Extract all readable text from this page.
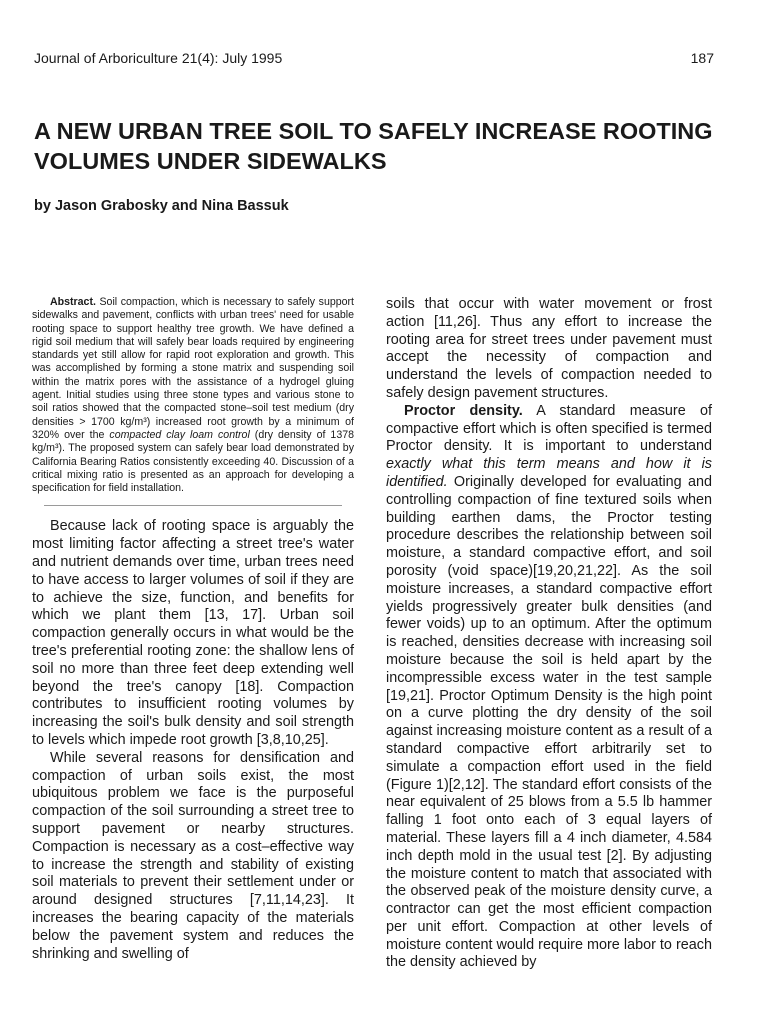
Journal of Arboriculture 21(4): July 1995	187
A NEW URBAN TREE SOIL TO SAFELY INCREASE ROOTING VOLUMES UNDER SIDEWALKS
by Jason Grabosky and Nina Bassuk

Abstract. Soil compaction, which is necessary to safely support sidewalks and pavement, conflicts with urban trees' need for usable rooting space to support healthy tree growth. We have defined a rigid soil medium that will safely bear loads required by engineering standards yet still allow for rapid root exploration and growth. This was accomplished by forming a stone matrix and suspending soil within the matrix pores with the assistance of a hydrogel gluing agent. Initial studies using three stone types and various stone to soil ratios showed that the compacted stone–soil test medium (dry densities > 1700 kg/m³) increased root growth by a minimum of 320% over the compacted clay loam control (dry density of 1378 kg/m³). The proposed system can safely bear load demonstrated by California Bearing Ratios consistently exceeding 40. Discussion of a critical mixing ratio is presented as an approach for developing a specification for field installation.

Because lack of rooting space is arguably the most limiting factor affecting a street tree's water and nutrient demands over time, urban trees need to have access to larger volumes of soil if they are to achieve the size, function, and benefits for which we plant them [13, 17]. Urban soil compaction generally occurs in what would be the tree's preferential rooting zone: the shallow lens of soil no more than three feet deep extending well beyond the tree's canopy [18]. Compaction contributes to insufficient rooting volumes by increasing the soil's bulk density and soil strength to levels which impede root growth [3,8,10,25].

While several reasons for densification and compaction of urban soils exist, the most ubiquitous problem we face is the purposeful compaction of the soil surrounding a street tree to support pavement or nearby structures. Compaction is necessary as a cost–effective way to increase the strength and stability of existing soil materials to prevent their settlement under or around designed structures [7,11,14,23]. It increases the bearing capacity of the materials below the pavement system and reduces the shrinking and swelling of

soils that occur with water movement or frost action [11,26]. Thus any effort to increase the rooting area for street trees under pavement must accept the necessity of compaction and understand the levels of compaction needed to safely design pavement structures.

Proctor density. A standard measure of compactive effort which is often specified is termed Proctor density. It is important to understand exactly what this term means and how it is identified. Originally developed for evaluating and controlling compaction of fine textured soils when building earthen dams, the Proctor testing procedure describes the relationship between soil moisture, a standard compactive effort, and soil porosity (void space)[19,20,21,22]. As the soil moisture increases, a standard compactive effort yields progressively greater bulk densities (and fewer voids) up to an optimum. After the optimum is reached, densities decrease with increasing soil moisture because the soil is held apart by the incompressible excess water in the test sample [19,21]. Proctor Optimum Density is the high point on a curve plotting the dry density of the soil against increasing moisture content as a result of a standard compactive effort arbitrarily set to simulate a compaction effort used in the field (Figure 1)[2,12]. The standard effort consists of the near equivalent of 25 blows from a 5.5 lb hammer falling 1 foot onto each of 3 equal layers of material. These layers fill a 4 inch diameter, 4.584 inch depth mold in the usual test [2]. By adjusting the moisture content to match that associated with the observed peak of the moisture density curve, a contractor can get the most efficient compaction per unit effort. Compaction at other levels of moisture content would require more labor to reach the density achieved by
